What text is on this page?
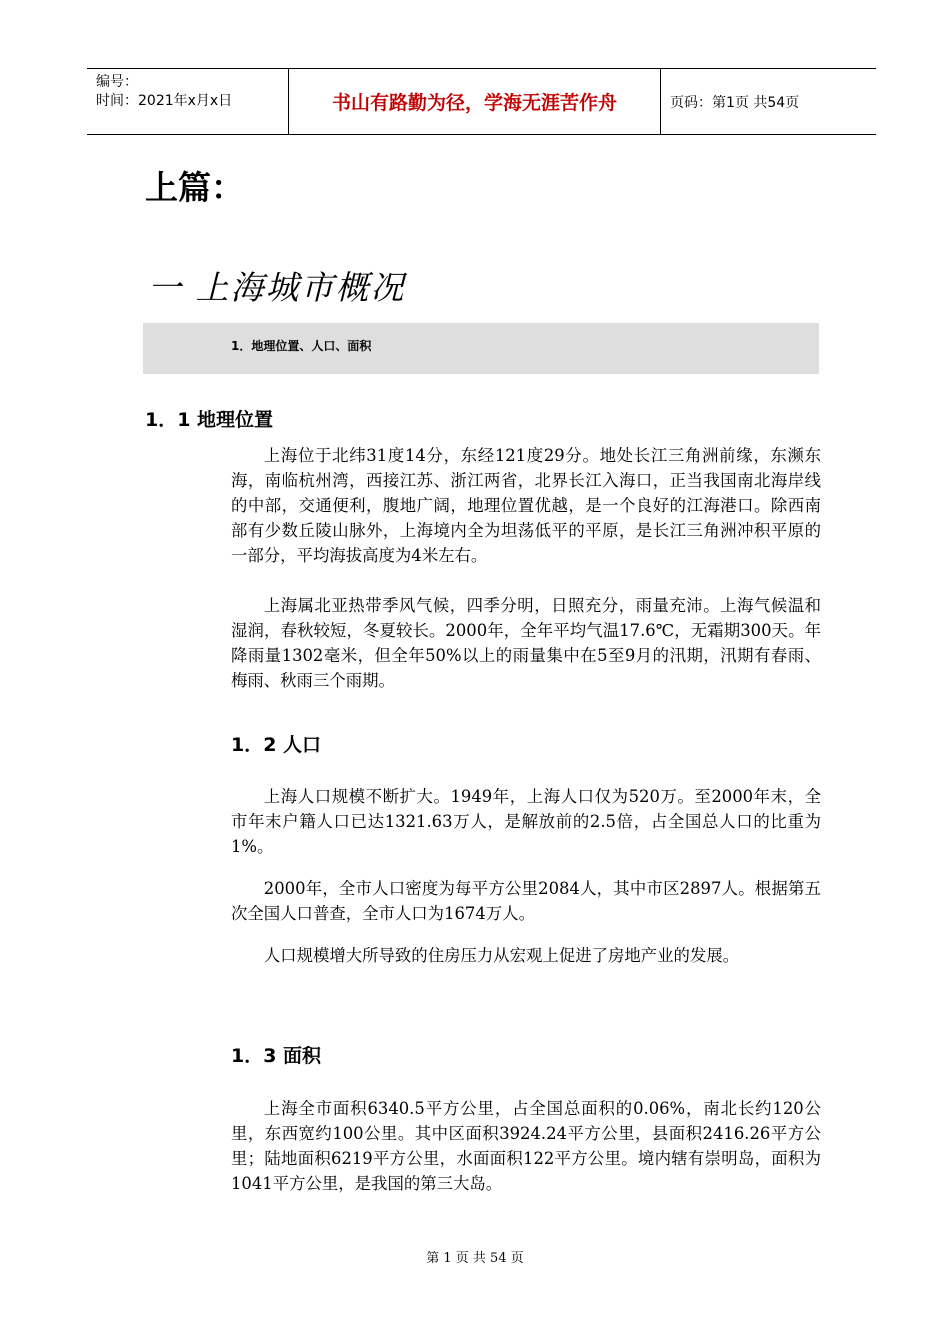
编号：
时间：2021年x月x日	书山有路勤为径，学海无涯苦作舟	页码：第1页 共54页
上篇：
一 上海城市概况
1．地理位置、人口、面积
1．1 地理位置

上海位于北纬31度14分，东经121度29分。地处长江三角洲前缘，东濒东海，南临杭州湾，西接江苏、浙江两省，北界长江入海口，正当我国南北海岸线的中部，交通便利，腹地广阔，地理位置优越，是一个良好的江海港口。除西南部有少数丘陵山脉外，上海境内全为坦荡低平的平原，是长江三角洲冲积平原的一部分，平均海拔高度为4米左右。

上海属北亚热带季风气候，四季分明，日照充分，雨量充沛。上海气候温和湿润，春秋较短，冬夏较长。2000年，全年平均气温17.6℃，无霜期300天。年降雨量1302毫米，但全年50%以上的雨量集中在5至9月的汛期，汛期有春雨、梅雨、秋雨三个雨期。

1．2 人口

上海人口规模不断扩大。1949年，上海人口仅为520万。至2000年末，全市年末户籍人口已达1321.63万人，是解放前的2.5倍，占全国总人口的比重为1%。

2000年，全市人口密度为每平方公里2084人，其中市区2897人。根据第五次全国人口普查，全市人口为1674万人。

人口规模增大所导致的住房压力从宏观上促进了房地产业的发展。

1．3 面积

上海全市面积6340.5平方公里，占全国总面积的0.06%，南北长约120公里，东西宽约100公里。其中区面积3924.24平方公里，县面积2416.26平方公里；陆地面积6219平方公里，水面面积122平方公里。境内辖有崇明岛，面积为1041平方公里，是我国的第三大岛。

第 1 页 共 54 页
